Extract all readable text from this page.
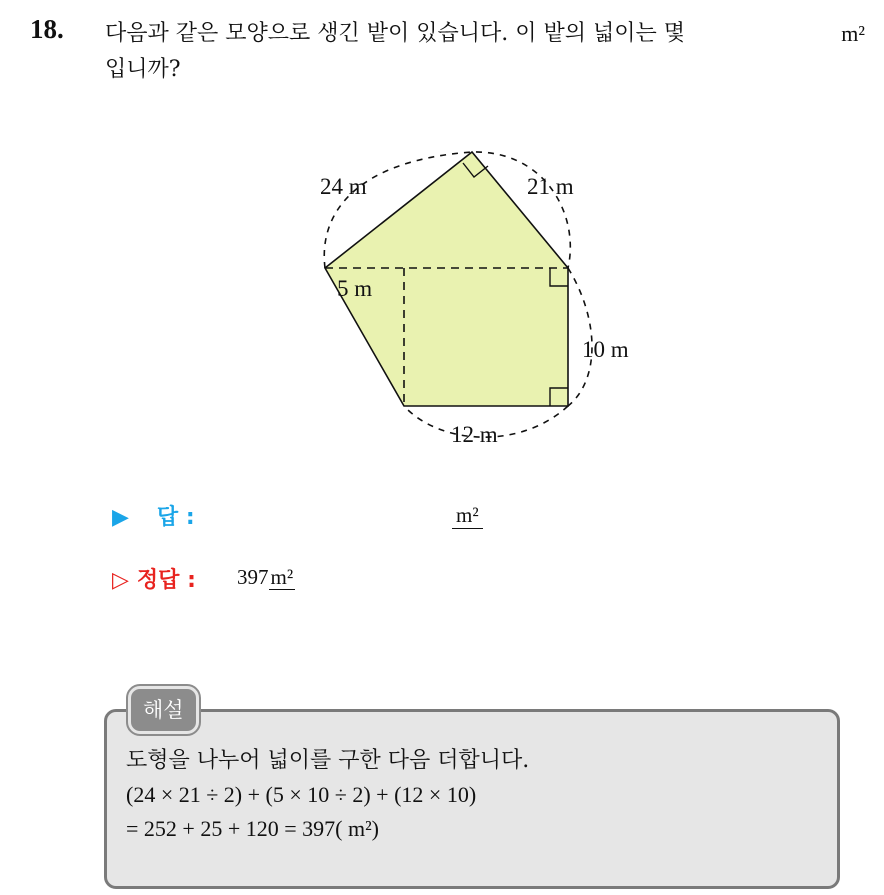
18.	m²
다음과 같은 모양으로 생긴 밭이 있습니다. 이 밭의 넓이는 몇
입니까?
24 m	21 m
5 m
10 m
12 m
▶ 답 :	m²
▷ 정답 : 397m²
해설
도형을 나누어 넓이를 구한 다음 더합니다.
(24 × 21 ÷ 2) + (5 × 10 ÷ 2) + (12 × 10)
= 252 + 25 + 120 = 397( m²)
